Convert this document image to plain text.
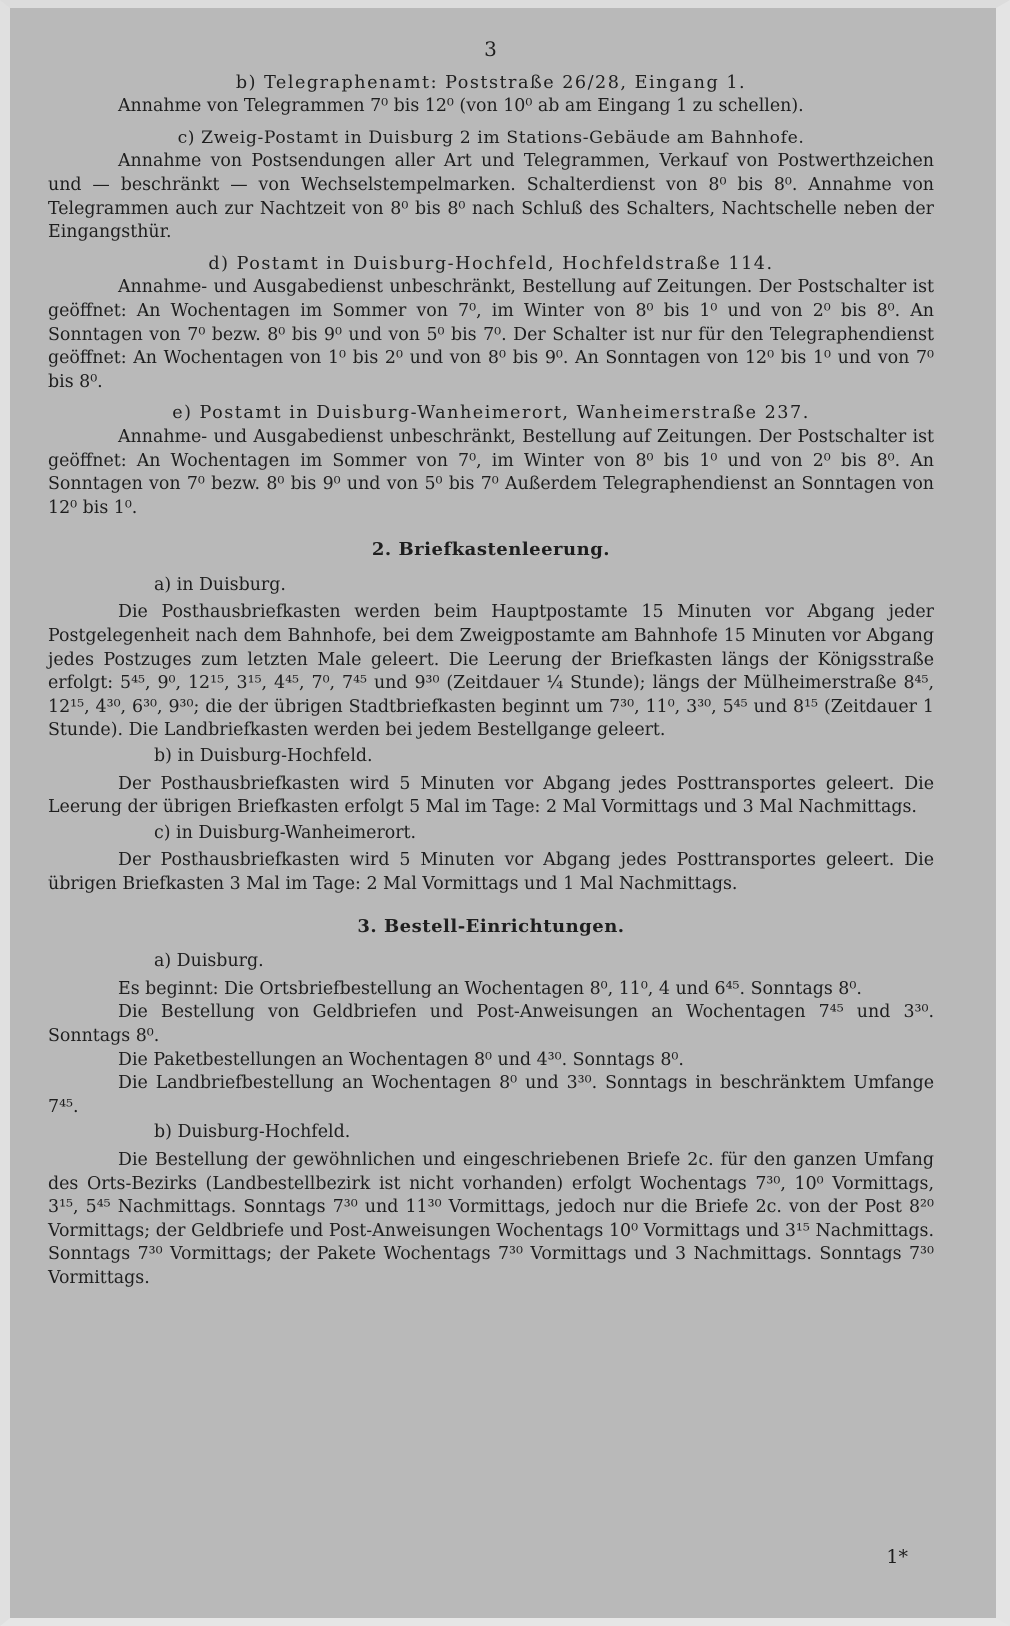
3
b) Telegraphenamt: Poststraße 26/28, Eingang 1.

Annahme von Telegrammen 7⁰ bis 12⁰ (von 10⁰ ab am Eingang 1 zu schellen).

c) Zweig-Postamt in Duisburg 2 im Stations-Gebäude am Bahnhofe.

Annahme von Postsendungen aller Art und Telegrammen, Verkauf von Postwerthzeichen und — beschränkt — von Wechselstempelmarken. Schalterdienst von 8⁰ bis 8⁰. Annahme von Telegrammen auch zur Nachtzeit von 8⁰ bis 8⁰ nach Schluß des Schalters, Nachtschelle neben der Eingangsthür.

d) Postamt in Duisburg-Hochfeld, Hochfeldstraße 114.

Annahme- und Ausgabedienst unbeschränkt, Bestellung auf Zeitungen. Der Postschalter ist geöffnet: An Wochentagen im Sommer von 7⁰, im Winter von 8⁰ bis 1⁰ und von 2⁰ bis 8⁰. An Sonntagen von 7⁰ bezw. 8⁰ bis 9⁰ und von 5⁰ bis 7⁰. Der Schalter ist nur für den Telegraphendienst geöffnet: An Wochentagen von 1⁰ bis 2⁰ und von 8⁰ bis 9⁰. An Sonntagen von 12⁰ bis 1⁰ und von 7⁰ bis 8⁰.

e) Postamt in Duisburg-Wanheimerort, Wanheimerstraße 237.

Annahme- und Ausgabedienst unbeschränkt, Bestellung auf Zeitungen. Der Postschalter ist geöffnet: An Wochentagen im Sommer von 7⁰, im Winter von 8⁰ bis 1⁰ und von 2⁰ bis 8⁰. An Sonntagen von 7⁰ bezw. 8⁰ bis 9⁰ und von 5⁰ bis 7⁰ Außerdem Telegraphendienst an Sonntagen von 12⁰ bis 1⁰.

2. Briefkastenleerung.
a) in Duisburg.

Die Posthausbriefkasten werden beim Hauptpostamte 15 Minuten vor Abgang jeder Postgelegenheit nach dem Bahnhofe, bei dem Zweigpostamte am Bahnhofe 15 Minuten vor Abgang jedes Postzuges zum letzten Male geleert. Die Leerung der Briefkasten längs der Königsstraße erfolgt: 5⁴⁵, 9⁰, 12¹⁵, 3¹⁵, 4⁴⁵, 7⁰, 7⁴⁵ und 9³⁰ (Zeitdauer ¼ Stunde); längs der Mülheimerstraße 8⁴⁵, 12¹⁵, 4³⁰, 6³⁰, 9³⁰; die der übrigen Stadtbriefkasten beginnt um 7³⁰, 11⁰, 3³⁰, 5⁴⁵ und 8¹⁵ (Zeitdauer 1 Stunde). Die Landbriefkasten werden bei jedem Bestellgange geleert.

b) in Duisburg-Hochfeld.

Der Posthausbriefkasten wird 5 Minuten vor Abgang jedes Posttransportes geleert. Die Leerung der übrigen Briefkasten erfolgt 5 Mal im Tage: 2 Mal Vormittags und 3 Mal Nachmittags.

c) in Duisburg-Wanheimerort.

Der Posthausbriefkasten wird 5 Minuten vor Abgang jedes Posttransportes geleert. Die übrigen Briefkasten 3 Mal im Tage: 2 Mal Vormittags und 1 Mal Nachmittags.

3. Bestell-Einrichtungen.
a) Duisburg.

Es beginnt: Die Ortsbriefbestellung an Wochentagen 8⁰, 11⁰, 4 und 6⁴⁵. Sonntags 8⁰.

Die Bestellung von Geldbriefen und Post-Anweisungen an Wochentagen 7⁴⁵ und 3³⁰. Sonntags 8⁰.

Die Paketbestellungen an Wochentagen 8⁰ und 4³⁰. Sonntags 8⁰.

Die Landbriefbestellung an Wochentagen 8⁰ und 3³⁰. Sonntags in beschränktem Umfange 7⁴⁵.

b) Duisburg-Hochfeld.

Die Bestellung der gewöhnlichen und eingeschriebenen Briefe 2c. für den ganzen Umfang des Orts-Bezirks (Landbestellbezirk ist nicht vorhanden) erfolgt Wochentags 7³⁰, 10⁰ Vormittags, 3¹⁵, 5⁴⁵ Nachmittags. Sonntags 7³⁰ und 11³⁰ Vormittags, jedoch nur die Briefe 2c. von der Post 8²⁰ Vormittags; der Geldbriefe und Post-Anweisungen Wochentags 10⁰ Vormittags und 3¹⁵ Nachmittags. Sonntags 7³⁰ Vormittags; der Pakete Wochentags 7³⁰ Vormittags und 3 Nachmittags. Sonntags 7³⁰ Vormittags.

1*
